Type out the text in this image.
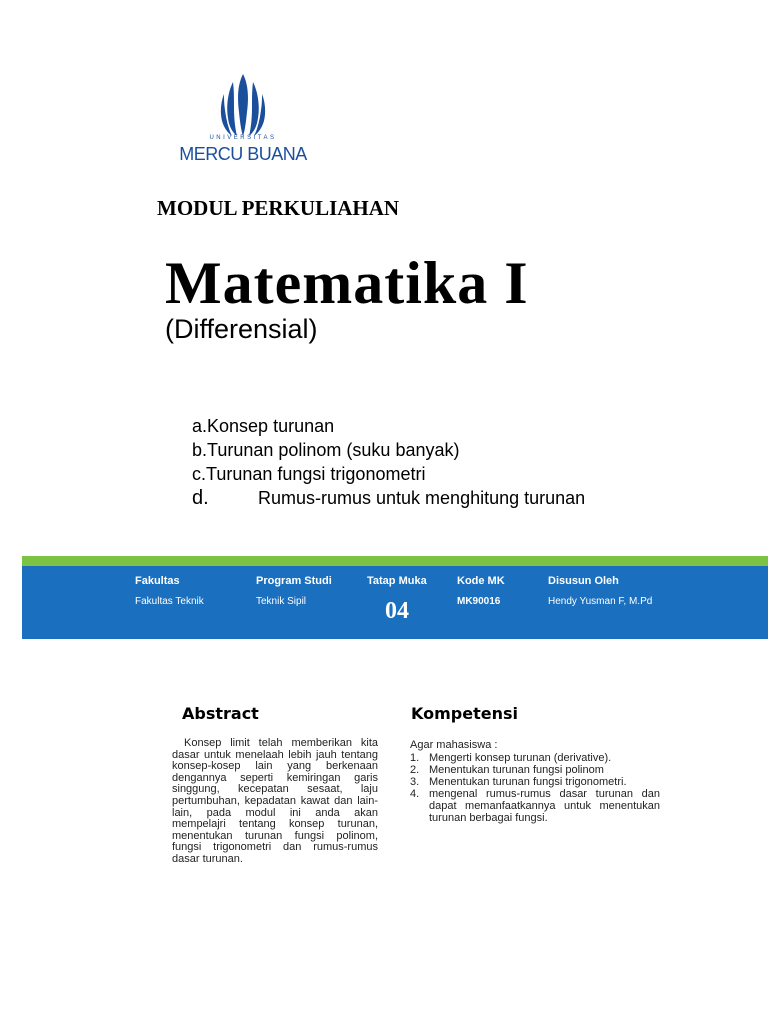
UNIVERSITAS
MERCU BUANA
MODUL PERKULIAHAN
Matematika I
(Differensial)
a.Konsep turunan
b.Turunan polinom (suku banyak)
c.Turunan fungsi trigonometri
d.	Rumus-rumus untuk menghitung turunan
Fakultas
Fakultas Teknik
Program Studi
Teknik Sipil
Tatap Muka
04
Kode MK
MK90016
Disusun Oleh
Hendy Yusman F, M.Pd
Abstract
Konsep limit telah memberikan kita dasar untuk menelaah lebih jauh tentang konsep-kosep lain yang berkenaan dengannya seperti kemiringan garis singgung, kecepatan sesaat, laju pertumbuhan, kepadatan kawat dan lain-lain, pada modul ini anda akan mempelajri tentang konsep turunan, menentukan turunan fungsi polinom, fungsi trigonometri dan rumus-rumus dasar turunan.
Kompetensi
Agar mahasiswa :
1. Mengerti konsep turunan (derivative).
2. Menentukan turunan fungsi polinom
3. Menentukan turunan fungsi trigonometri.
4. mengenal rumus-rumus dasar turunan dan dapat memanfaatkannya untuk menentukan turunan berbagai fungsi.
